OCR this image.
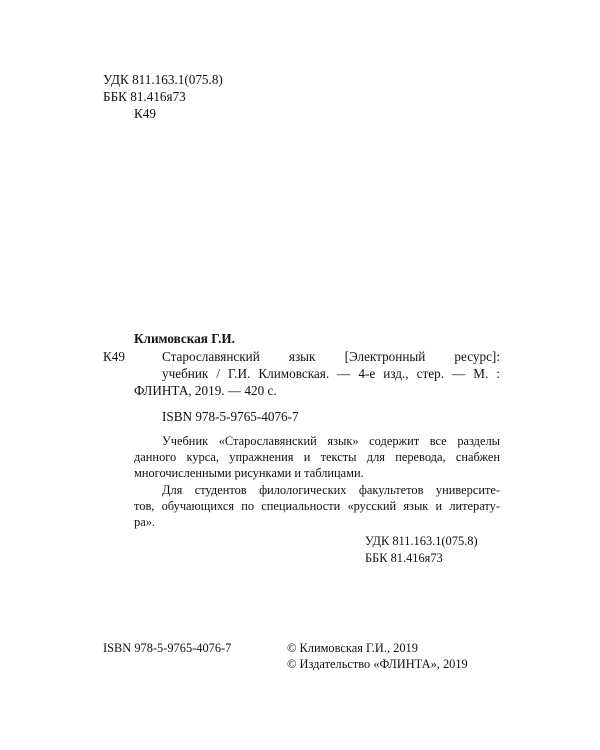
УДК 811.163.1(075.8)
ББК 81.416я73
К49
Климовская Г.И.
К49	Старославянский язык [Электронный ресурс]:
учебник / Г.И. Климовская. — 4-е изд., стер. — М. :
ФЛИНТА, 2019. — 420 с.
ISBN 978-5-9765-4076-7
Учебник «Старославянский язык» содержит все разделы
данного курса, упражнения и тексты для перевода, снабжен
многочисленными рисунками и таблицами.
Для студентов филологических факультетов университе-
тов, обучающихся по специальности «русский язык и литерату-
ра».
УДК 811.163.1(075.8)
ББК 81.416я73
ISBN 978-5-9765-4076-7	© Климовская Г.И., 2019
© Издательство «ФЛИНТА», 2019
